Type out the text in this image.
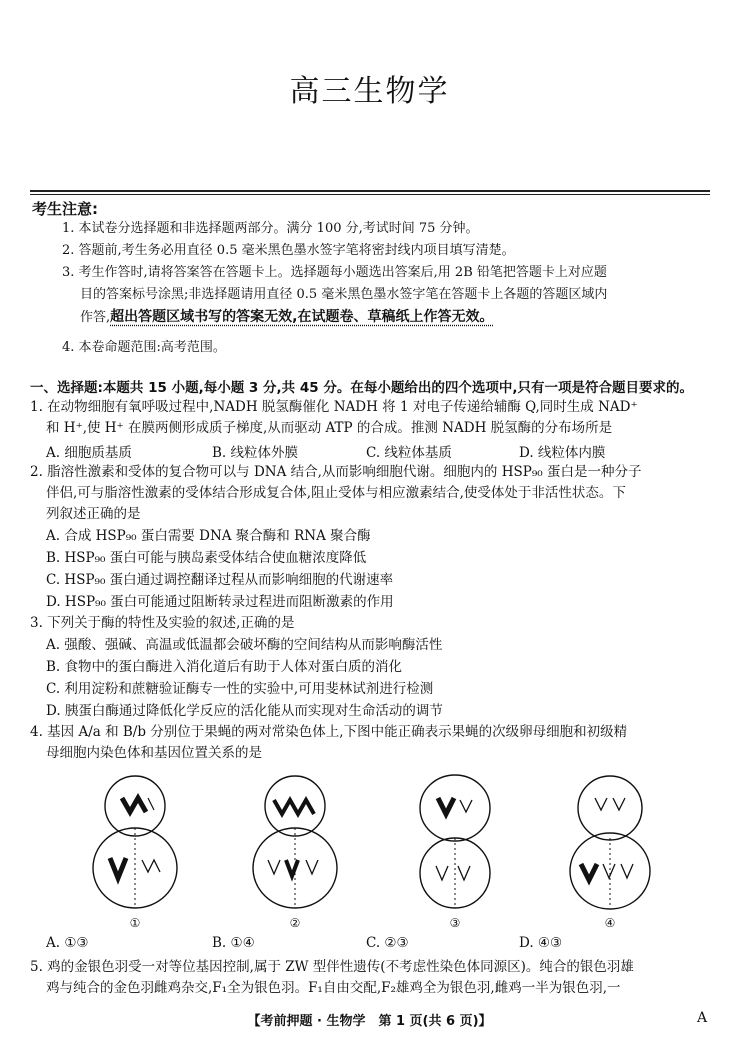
高三生物学
考生注意:
1. 本试卷分选择题和非选择题两部分。满分 100 分,考试时间 75 分钟。
2. 答题前,考生务必用直径 0.5 毫米黑色墨水签字笔将密封线内项目填写清楚。
3. 考生作答时,请将答案答在答题卡上。选择题每小题选出答案后,用 2B 铅笔把答题卡上对应题
目的答案标号涂黑;非选择题请用直径 0.5 毫米黑色墨水签字笔在答题卡上各题的答题区域内
作答,超出答题区域书写的答案无效,在试题卷、草稿纸上作答无效。
4. 本卷命题范围:高考范围。
一、选择题:本题共 15 小题,每小题 3 分,共 45 分。在每小题给出的四个选项中,只有一项是符合题目要求的。
1. 在动物细胞有氧呼吸过程中,NADH 脱氢酶催化 NADH 将 1 对电子传递给辅酶 Q,同时生成 NAD⁺
和 H⁺,使 H⁺ 在膜两侧形成质子梯度,从而驱动 ATP 的合成。推测 NADH 脱氢酶的分布场所是
A. 细胞质基质	B. 线粒体外膜	C. 线粒体基质	D. 线粒体内膜
2. 脂溶性激素和受体的复合物可以与 DNA 结合,从而影响细胞代谢。细胞内的 HSP₉₀ 蛋白是一种分子
伴侣,可与脂溶性激素的受体结合形成复合体,阻止受体与相应激素结合,使受体处于非活性状态。下
列叙述正确的是
A. 合成 HSP₉₀ 蛋白需要 DNA 聚合酶和 RNA 聚合酶
B. HSP₉₀ 蛋白可能与胰岛素受体结合使血糖浓度降低
C. HSP₉₀ 蛋白通过调控翻译过程从而影响细胞的代谢速率
D. HSP₉₀ 蛋白可能通过阻断转录过程进而阻断激素的作用
3. 下列关于酶的特性及实验的叙述,正确的是
A. 强酸、强碱、高温或低温都会破坏酶的空间结构从而影响酶活性
B. 食物中的蛋白酶进入消化道后有助于人体对蛋白质的消化
C. 利用淀粉和蔗糖验证酶专一性的实验中,可用斐林试剂进行检测
D. 胰蛋白酶通过降低化学反应的活化能从而实现对生命活动的调节
4. 基因 A/a 和 B/b 分别位于果蝇的两对常染色体上,下图中能正确表示果蝇的次级卵母细胞和初级精
母细胞内染色体和基因位置关系的是
①	②	③	④
A. ①③	B. ①④	C. ②③	D. ④③
5. 鸡的金银色羽受一对等位基因控制,属于 ZW 型伴性遗传(不考虑性染色体同源区)。纯合的银色羽雄
鸡与纯合的金色羽雌鸡杂交,F₁全为银色羽。F₁自由交配,F₂雄鸡全为银色羽,雌鸡一半为银色羽,一
【考前押题 · 生物学　第 1 页(共 6 页)】	A
